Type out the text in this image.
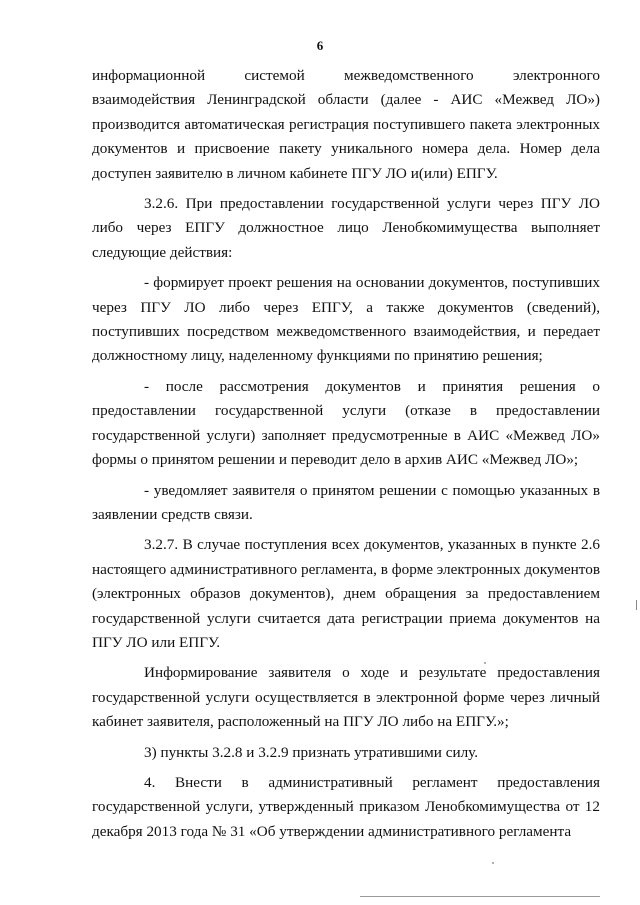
6

информационной системой межведомственного электронного взаимодействия Ленинградской области (далее - АИС «Межвед ЛО») производится автоматическая регистрация поступившего пакета электронных документов и присвоение пакету уникального номера дела. Номер дела доступен заявителю в личном кабинете ПГУ ЛО и(или) ЕПГУ.

3.2.6. При предоставлении государственной услуги через ПГУ ЛО либо через ЕПГУ должностное лицо Ленобкомимущества выполняет следующие действия:

- формирует проект решения на основании документов, поступивших через ПГУ ЛО либо через ЕПГУ, а также документов (сведений), поступивших посредством межведомственного взаимодействия, и передает должностному лицу, наделенному функциями по принятию решения;

- после рассмотрения документов и принятия решения о предоставлении государственной услуги (отказе в предоставлении государственной услуги) заполняет предусмотренные в АИС «Межвед ЛО» формы о принятом решении и переводит дело в архив АИС «Межвед ЛО»;

- уведомляет заявителя о принятом решении с помощью указанных в заявлении средств связи.

3.2.7. В случае поступления всех документов, указанных в пункте 2.6 настоящего административного регламента, в форме электронных документов (электронных образов документов), днем обращения за предоставлением государственной услуги считается дата регистрации приема документов на ПГУ ЛО или ЕПГУ.

Информирование заявителя о ходе и результате предоставления государственной услуги осуществляется в электронной форме через личный кабинет заявителя, расположенный на ПГУ ЛО либо на ЕПГУ.»;

3) пункты 3.2.8 и 3.2.9 признать утратившими силу.

4. Внести в административный регламент предоставления государственной услуги, утвержденный приказом Ленобкомимущества от 12 декабря 2013 года № 31 «Об утверждении административного регламента
